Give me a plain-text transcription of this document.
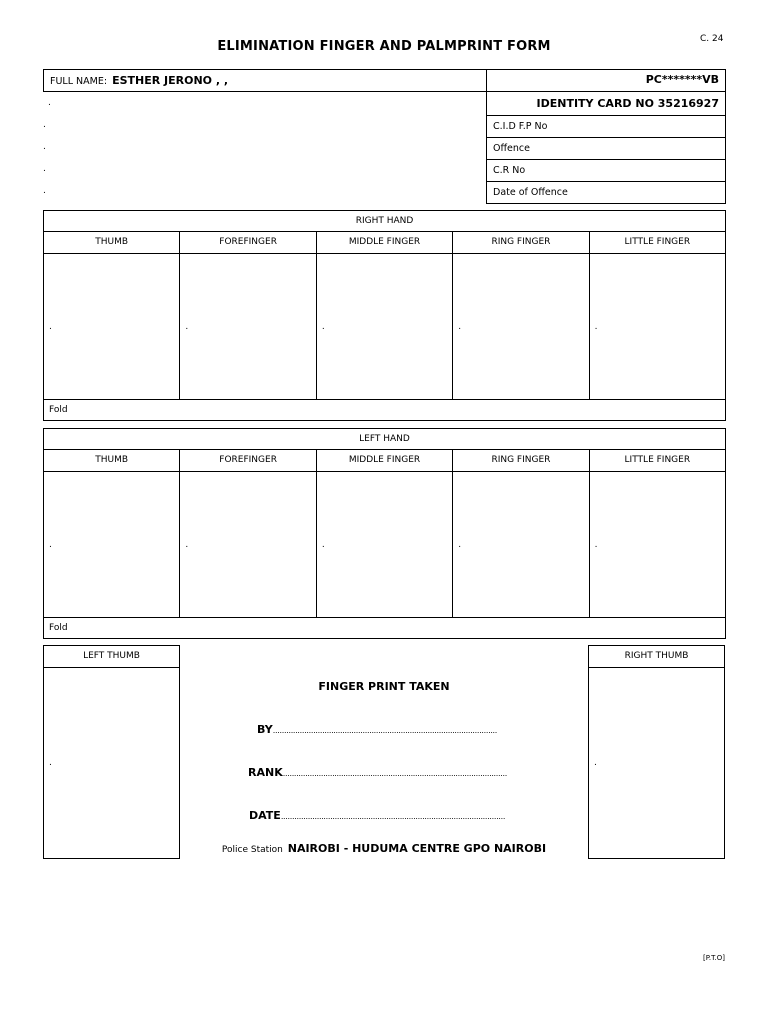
C. 24
ELIMINATION FINGER AND PALMPRINT FORM
FULL NAME: ESTHER JERONO , ,	PC*******VB
IDENTITY CARD NO 35216927
C.I.D F.P No
Offence
C.R No
Date of Offence
.
.
.
.
.
RIGHT HAND
THUMB	FOREFINGER	MIDDLE FINGER	RING FINGER	LITTLE FINGER
.	.	.	.	.
Fold
LEFT HAND
THUMB	FOREFINGER	MIDDLE FINGER	RING FINGER	LITTLE FINGER
.	.	.	.	.
Fold
LEFT THUMB
.
RIGHT THUMB
.
FINGER PRINT TAKEN
BY....................................................................................................
RANK....................................................................................................
DATE....................................................................................................
Police Station NAIROBI - HUDUMA CENTRE GPO NAIROBI
[P.T.O]
